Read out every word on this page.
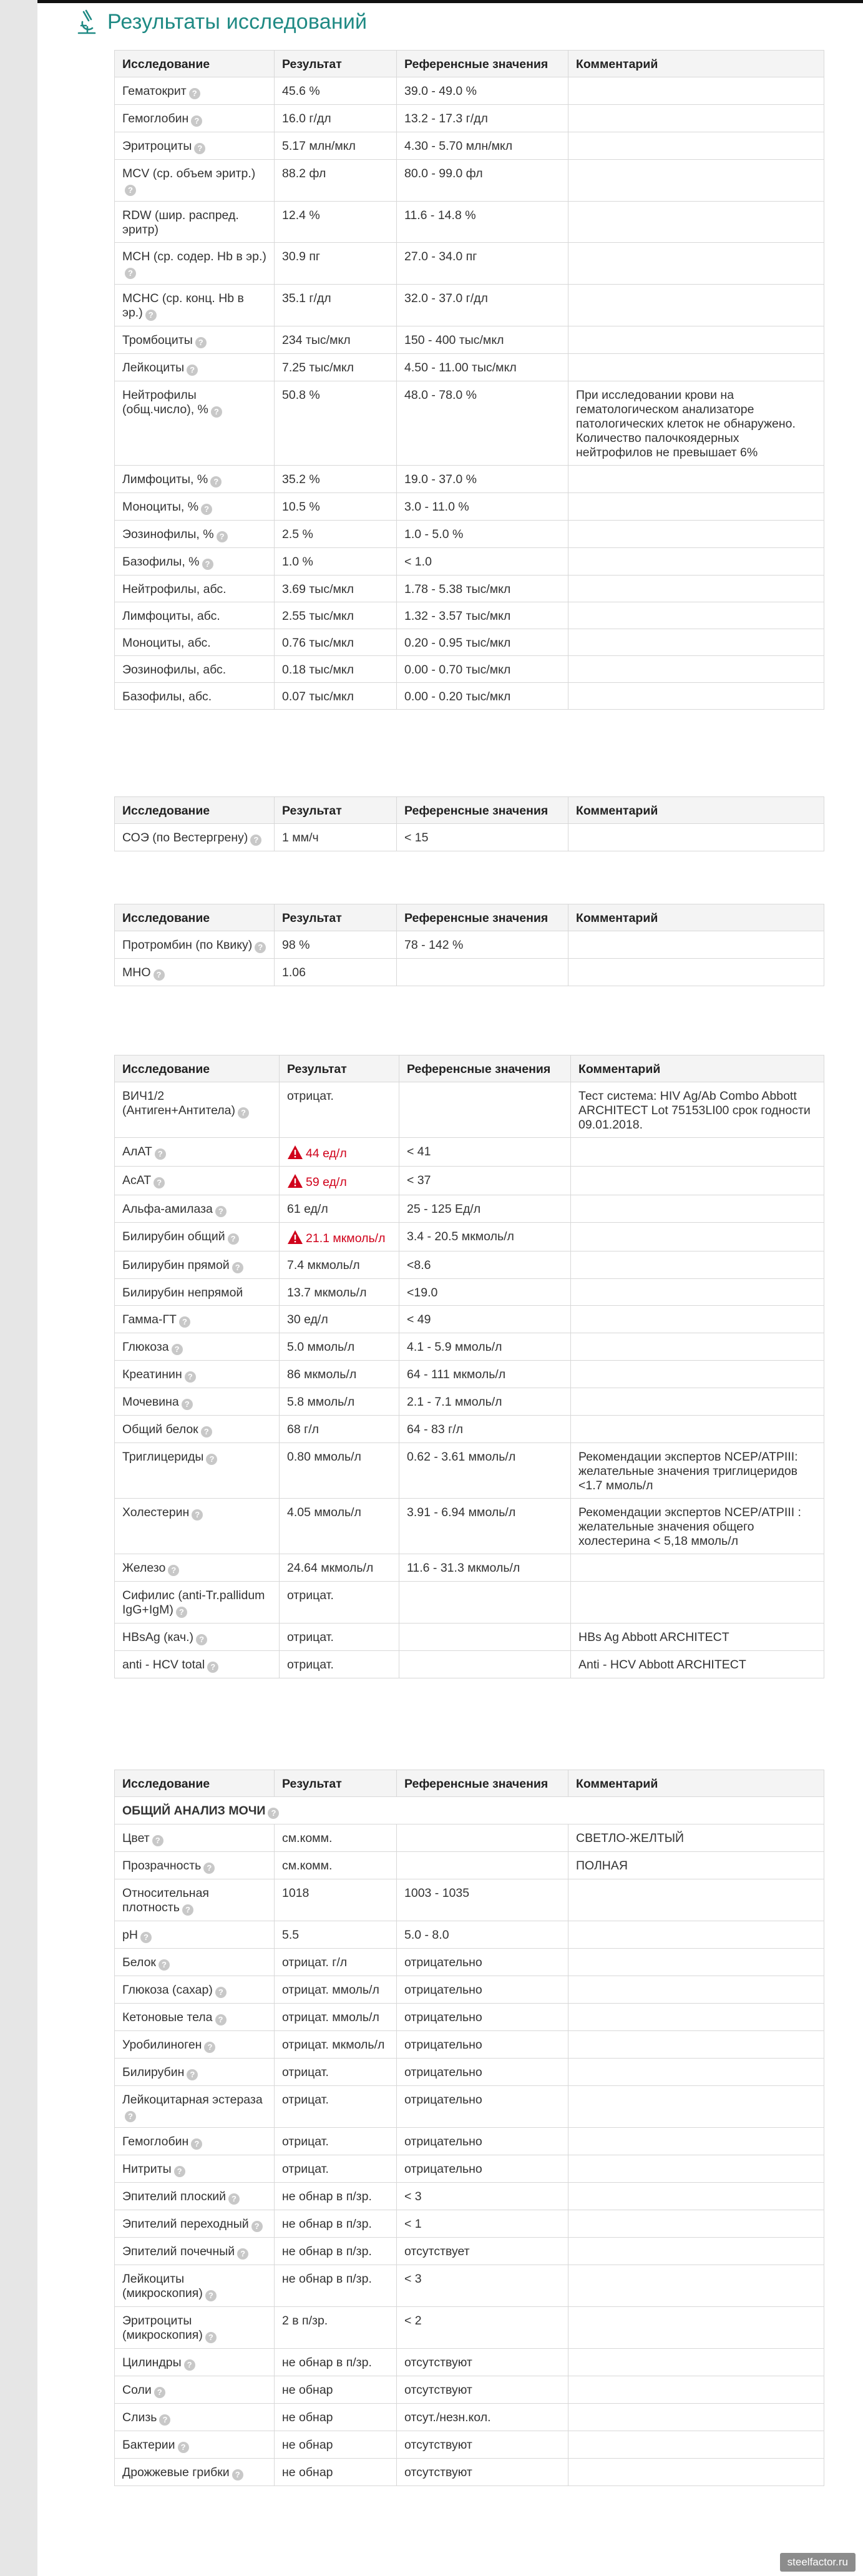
Результаты исследований
Исследование	Результат	Референсные значения	Комментарий
Гематокрит ?	45.6 %	39.0 - 49.0 %	
Гемоглобин ?	16.0 г/дл	13.2 - 17.3 г/дл	
Эритроциты ?	5.17 млн/мкл	4.30 - 5.70 млн/мкл	
MCV (ср. объем эритр.)?	88.2 фл	80.0 - 99.0 фл	
RDW (шир. распред. эритр)	12.4 %	11.6 - 14.8 %	
MCH (ср. содер. Hb в эр.)?	30.9 пг	27.0 - 34.0 пг	
MCHC (ср. конц. Hb в эр.) ?	35.1 г/дл	32.0 - 37.0 г/дл	
Тромбоциты ?	234 тыс/мкл	150 - 400 тыс/мкл	
Лейкоциты ?	7.25 тыс/мкл	4.50 - 11.00 тыс/мкл	
Нейтрофилы (общ.число), % ?	50.8 %	48.0 - 78.0 %	При исследовании крови на гематологическом анализаторе патологических клеток не обнаружено. Количество палочкоядерных нейтрофилов не превышает 6%
Лимфоциты, % ?	35.2 %	19.0 - 37.0 %	
Моноциты, % ?	10.5 %	3.0 - 11.0 %	
Эозинофилы, % ?	2.5 %	1.0 - 5.0 %	
Базофилы, % ?	1.0 %	< 1.0	
Нейтрофилы, абс.	3.69 тыс/мкл	1.78 - 5.38 тыс/мкл	
Лимфоциты, абс.	2.55 тыс/мкл	1.32 - 3.57 тыс/мкл	
Моноциты, абс.	0.76 тыс/мкл	0.20 - 0.95 тыс/мкл	
Эозинофилы, абс.	0.18 тыс/мкл	0.00 - 0.70 тыс/мкл	
Базофилы, абс.	0.07 тыс/мкл	0.00 - 0.20 тыс/мкл	
Исследование	Результат	Референсные значения	Комментарий
СОЭ (по Вестергрену) ?	1 мм/ч	< 15	
Исследование	Результат	Референсные значения	Комментарий
Протромбин (по Квику) ?	98 %	78 - 142 %	
МНО ?	1.06		
Исследование	Результат	Референсные значения	Комментарий
ВИЧ1/2 (Антиген+Антитела) ?	отрицат.		Тест система: HIV Ag/Ab Combo Abbott ARCHITECT Lot 75153LI00 срок годности 09.01.2018.
АлАТ ?	44 ед/л	< 41	
АсАТ ?	59 ед/л	< 37	
Альфа-амилаза ?	61 ед/л	25 - 125 Ед/л	
Билирубин общий ?	21.1 мкмоль/л	3.4 - 20.5 мкмоль/л	
Билирубин прямой ?	7.4 мкмоль/л	<8.6	
Билирубин непрямой	13.7 мкмоль/л	<19.0	
Гамма-ГТ ?	30 ед/л	< 49	
Глюкоза ?	5.0 ммоль/л	4.1 - 5.9 ммоль/л	
Креатинин ?	86 мкмоль/л	64 - 111 мкмоль/л	
Мочевина ?	5.8 ммоль/л	2.1 - 7.1 ммоль/л	
Общий белок ?	68 г/л	64 - 83 г/л	
Триглицериды ?	0.80 ммоль/л	0.62 - 3.61 ммоль/л	Рекомендации экспертов NCEP/ATPIII: желательные значения триглицеридов <1.7 ммоль/л
Холестерин ?	4.05 ммоль/л	3.91 - 6.94 ммоль/л	Рекомендации экспертов NCEP/ATPIII : желательные значения общего холестерина < 5,18 ммоль/л
Железо ?	24.64 мкмоль/л	11.6 - 31.3 мкмоль/л	
Сифилис (anti-Tr.pallidum IgG+IgM) ?	отрицат.		
HBsAg (кач.) ?	отрицат.		HBs Ag Abbott ARCHITECT
anti - HCV total ?	отрицат.		Anti - HCV Abbott ARCHITECT
Исследование	Результат	Референсные значения	Комментарий
ОБЩИЙ АНАЛИЗ МОЧИ ?			
Цвет ?	см.комм.		СВЕТЛО-ЖЕЛТЫЙ
Прозрачность ?	см.комм.		ПОЛНАЯ
Относительная плотность ?	1018	1003 - 1035	
pH ?	5.5	5.0 - 8.0	
Белок ?	отрицат. г/л	отрицательно	
Глюкоза (сахар) ?	отрицат. ммоль/л	отрицательно	
Кетоновые тела ?	отрицат. ммоль/л	отрицательно	
Уробилиноген ?	отрицат. мкмоль/л	отрицательно	
Билирубин ?	отрицат.	отрицательно	
Лейкоцитарная эстераза?	отрицат.	отрицательно	
Гемоглобин ?	отрицат.	отрицательно	
Нитриты ?	отрицат.	отрицательно	
Эпителий плоский ?	не обнар в п/зр.	< 3	
Эпителий переходный ?	не обнар в п/зр.	< 1	
Эпителий почечный ?	не обнар в п/зр.	отсутствует	
Лейкоциты (микроскопия) ?	не обнар в п/зр.	< 3	
Эритроциты (микроскопия) ?	2 в п/зр.	< 2	
Цилиндры ?	не обнар в п/зр.	отсутствуют	
Соли ?	не обнар	отсутствуют	
Слизь ?	не обнар	отсут./незн.кол.	
Бактерии ?	не обнар	отсутствуют	
Дрожжевые грибки ?	не обнар	отсутствуют	
steelfactor.ru
